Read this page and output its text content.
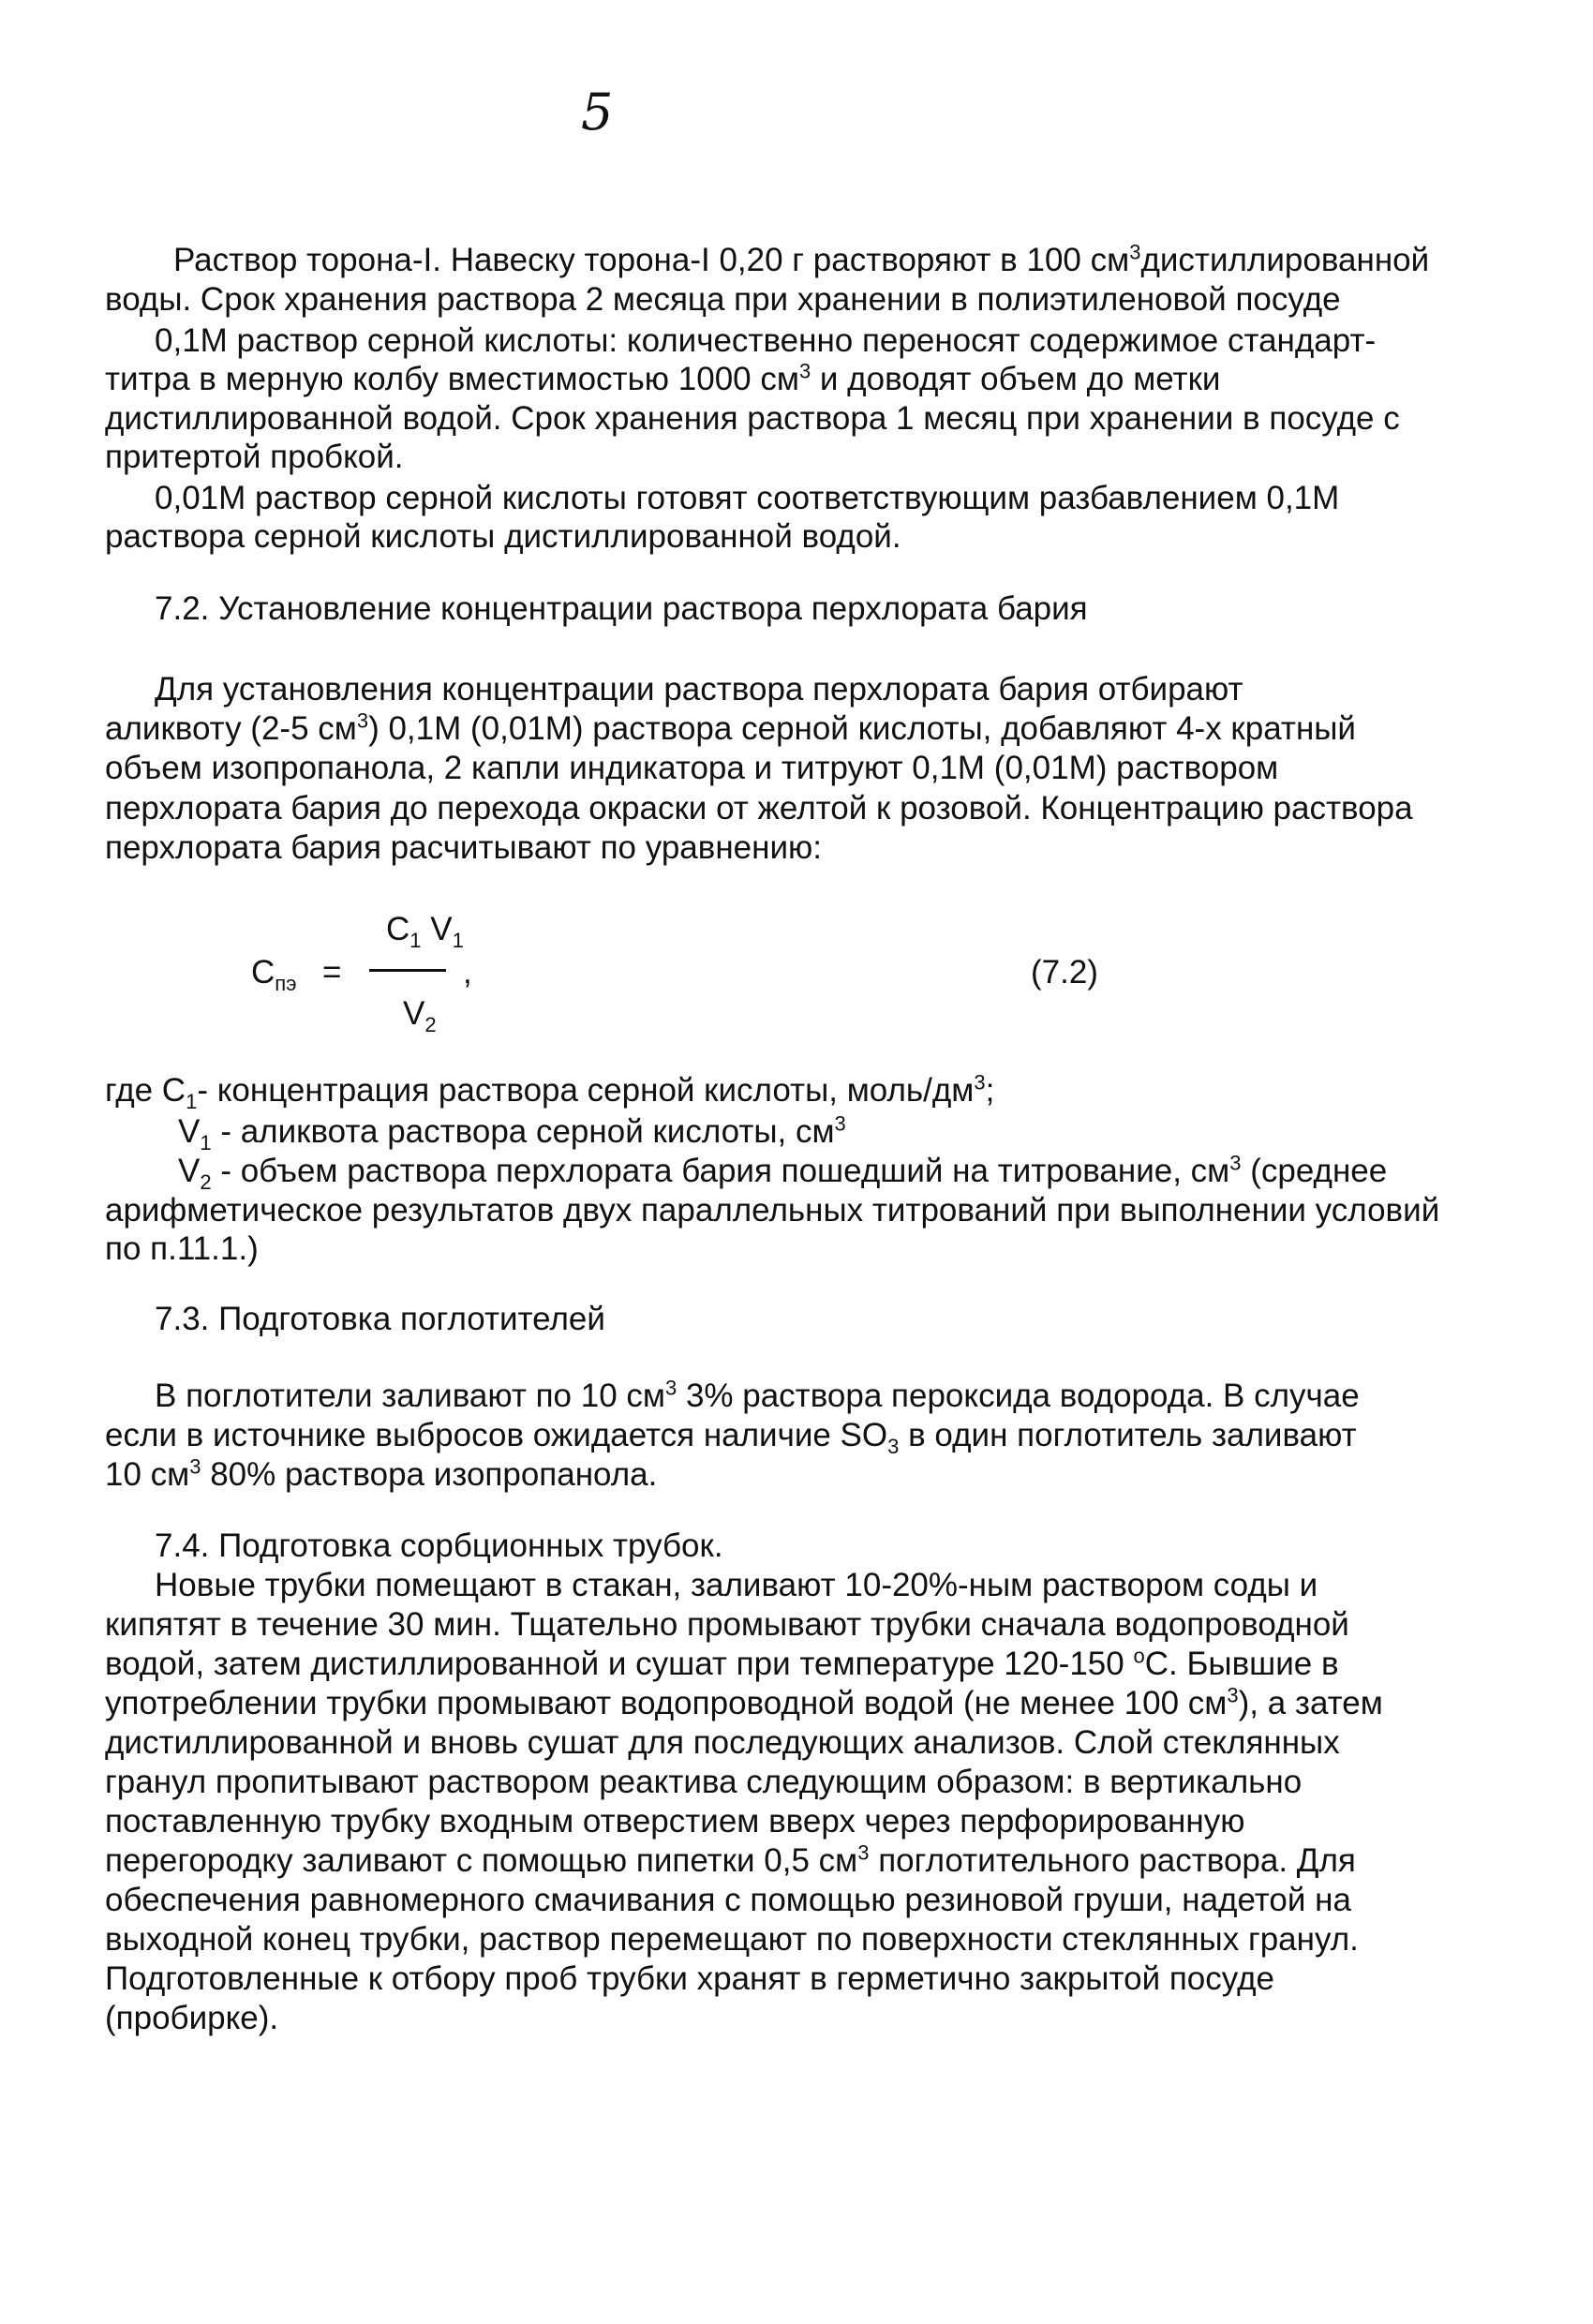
5
Раствор торона-I. Навеску торона-I 0,20 г растворяют в 100 $см^3дистиллированной$
воды. Срок хранения раствора 2 месяца при хранении в полиэтиленовой посуде
0,1М раствор серной кислоты: количественно переносят содержимое стандарт-
титра в мерную колбу вместимостью 1000 $см^3$ и доводят объем до метки
дистиллированной водой. Срок хранения раствора 1 месяц при хранении в посуде с
притертой пробкой.
0,01М раствор серной кислоты готовят соответствующим разбавлением 0,1М
раствора серной кислоты дистиллированной водой.
7.2. Установление концентрации раствора перхлората бария
Для установления концентрации раствора перхлората бария отбирают
аликвоту (2-5 $см^3$) 0,1М (0,01М) раствора серной кислоты, добавляют 4-х кратный
объем изопропанола, 2 капли индикатора и титруют 0,1М (0,01М) раствором
перхлората бария до перехода окраски от желтой к розовой. Концентрацию раствора
перхлората бария расчитывают по уравнению:
где $C_1-$ концентрация раствора серной кислоты, моль/$дм^3$;
$V_1$ - аликвота раствора серной кислоты, $см^3$
$V_2$ - объем раствора перхлората бария пошедший на титрование, $см^3$ (среднее
арифметическое результатов двух параллельных титрований при выполнении условий
по п.11.1.)
7.3. Подготовка поглотителей
В поглотители заливают по 10 $см^3$ 3% раствора пероксида водорода. В случае
если в источнике выбросов ожидается наличие $SO_3$ в один поглотитель заливают
10 $см^3$ 80% раствора изопропанола.
7.4. Подготовка сорбционных трубок.
Новые трубки помещают в стакан, заливают 10-20%-ным раствором соды и
кипятят в течение 30 мин. Тщательно промывают трубки сначала водопроводной
водой, затем дистиллированной и сушат при температуре 120-150 $^o$С. Бывшие в
употреблении трубки промывают водопроводной водой (не менее 100 $см^3$), а затем
дистиллированной и вновь сушат для последующих анализов. Слой стеклянных
гранул пропитывают раствором реактива следующим образом: в вертикально
поставленную трубку входным отверстием вверх через перфорированную
перегородку заливают с помощью пипетки 0,5 $см^3$ поглотительного раствора. Для
обеспечения равномерного смачивания с помощью резиновой груши, надетой на
выходной конец трубки, раствор перемещают по поверхности стеклянных гранул.
Подготовленные к отбору проб трубки хранят в герметично закрытой посуде
(пробирке).
$C_{пэ}$ =
$C_1$ $V_1$
,
$V_2$
(7.2)
